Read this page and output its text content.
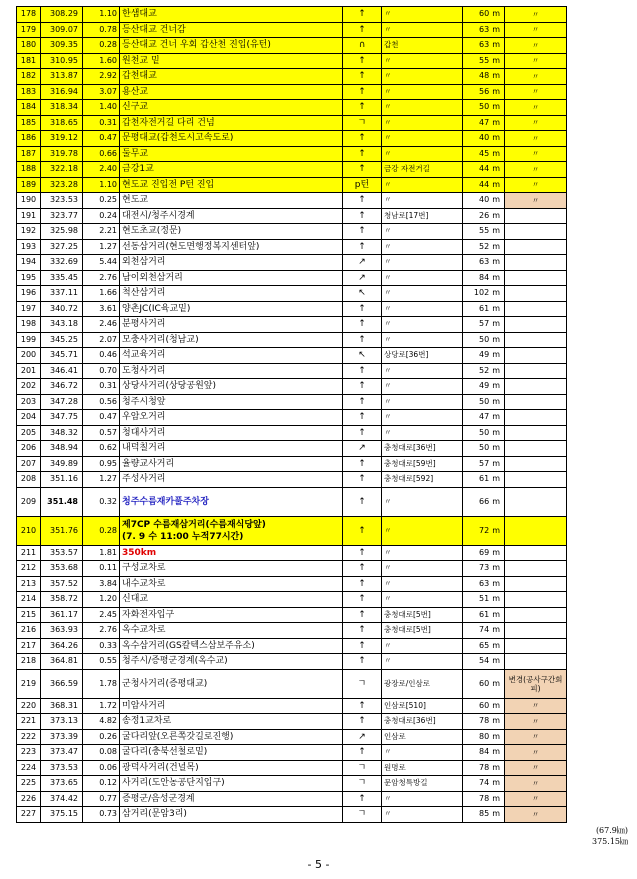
178	308.29	1.10	한샘대교	↑	〃	60 m	〃
179	309.07	0.78	등산대교 건너감	↑	〃	63 m	〃
180	309.35	0.28	등산대교 건너 우회 갑산천 진입(유턴)	∩	갑천	63 m	〃
181	310.95	1.60	원천교 밑	↑	〃	55 m	〃
182	313.87	2.92	갑천대교	↑	〃	48 m	〃
183	316.94	3.07	용산교	↑	〃	56 m	〃
184	318.34	1.40	신구교	↑	〃	50 m	〃
185	318.65	0.31	갑천자전거길 다리 건넘	ㄱ	〃	47 m	〃
186	319.12	0.47	문평대교(갑천도시고속도로)	↑	〃	40 m	〃
187	319.78	0.66	둘무교	↑	〃	45 m	〃
188	322.18	2.40	금강1교	↑	금강 자전거길	44 m	〃
189	323.28	1.10	현도교 진입전 P턴 진입	p턴	〃	44 m	〃
190	323.53	0.25	현도교	↑	〃	40 m	〃
191	323.77	0.24	대전시/청주시경계	↑	청남로[17번]	26 m	
192	325.98	2.21	현도초교(정문)	↑	〃	55 m	
193	327.25	1.27	선동삼거리(현도면행정복지센터앞)	↑	〃	52 m	
194	332.69	5.44	외천삼거리	↗	〃	63 m	
195	335.45	2.76	남이외천삼거리	↗	〃	84 m	
196	337.11	1.66	척산삼거리	↖	〃	102 m	
197	340.72	3.61	양촌JC(IC육교밑)	↑	〃	61 m	
198	343.18	2.46	분평사거리	↑	〃	57 m	
199	345.25	2.07	모충사거리(청남교)	↑	〃	50 m	
200	345.71	0.46	석교육거리	↖	상당로[36번]	49 m	
201	346.41	0.70	도청사거리	↑	〃	52 m	
202	346.72	0.31	상당사거리(상당공원앞)	↑	〃	49 m	
203	347.28	0.56	청주시청앞	↑	〃	50 m	
204	347.75	0.47	우암오거리	↑	〃	47 m	
205	348.32	0.57	청대사거리	↑	〃	50 m	
206	348.94	0.62	내덕칠거리	↗	충청대로[36번]	50 m	
207	349.89	0.95	율량교사거리	↑	충청대로[59번]	57 m	
208	351.16	1.27	주성사거리	↑	충청대로[592]	61 m	
209	351.48	0.32	청주수름재카풀주차장	↑	〃	66 m	
210	351.76	0.28	제7CP 수름재삼거리(수름재식당앞)
(7. 9 수 11:00 누적77시간)	↑	〃	72 m	
211	353.57	1.81	350km	↑	〃	69 m	
212	353.68	0.11	구성교차로	↑	〃	73 m	
213	357.52	3.84	내수교차로	↑	〃	63 m	
214	358.72	1.20	신대교	↑	〃	51 m	
215	361.17	2.45	자화전자입구	↑	충청대로[5번]	61 m	
216	363.93	2.76	옥수교차로	↑	충청대로[5번]	74 m	
217	364.26	0.33	옥수삼거리(GS칼텍스삼보주유소)	↑	〃	65 m	
218	364.81	0.55	청주시/증평군경계(옥수교)	↑	〃	54 m	
219	366.59	1.78	군청사거리(증평대교)	ㄱ	광장로/인삼로	60 m	변경(공사구간회피)
220	368.31	1.72	미암사거리	↑	인삼로[510]	60 m	〃
221	373.13	4.82	송정1교차로	↑	충청대로[36번]	78 m	〃
222	373.39	0.26	굴다리앞(오른쪽갓길로진행)	↗	인삼로	80 m	〃
223	373.47	0.08	굴다리(충북선철로밑)	↑	〃	84 m	〃
224	373.53	0.06	광덕사거리(건널목)	ㄱ	원명로	78 m	〃
225	373.65	0.12	사거리(도안농공단지입구)	ㄱ	문암청특방길	74 m	〃
226	374.42	0.77	증평군/음성군경계	↑	〃	78 m	〃
227	375.15	0.73	삼거리(문암3리)	ㄱ	〃	85 m	〃
(67.9㎞)
375.15㎞
- 5 -
